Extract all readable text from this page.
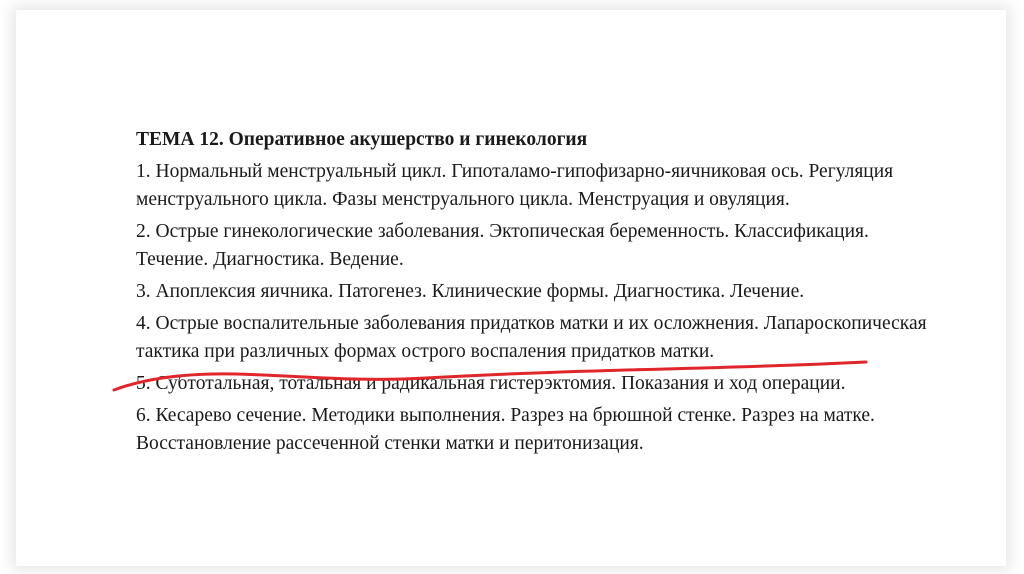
ТЕМА 12. Оперативное акушерство и гинекология
1. Нормальный менструальный цикл. Гипоталамо-гипофизарно-яичниковая ось. Регуляция менструального цикла. Фазы менструального цикла. Менструация и овуляция.
2. Острые гинекологические заболевания. Эктопическая беременность. Классификация. Течение. Диагностика. Ведение.
3. Апоплексия яичника. Патогенез. Клинические формы. Диагностика. Лечение.
4. Острые воспалительные заболевания придатков матки и их осложнения. Лапароскопическая тактика при различных формах острого воспаления придатков матки.
5. Субтотальная, тотальная и радикальная гистерэктомия. Показания и ход операции.
6. Кесарево сечение. Методики выполнения. Разрез на брюшной стенке. Разрез на матке. Восстановление рассеченной стенки матки и перитонизация.
